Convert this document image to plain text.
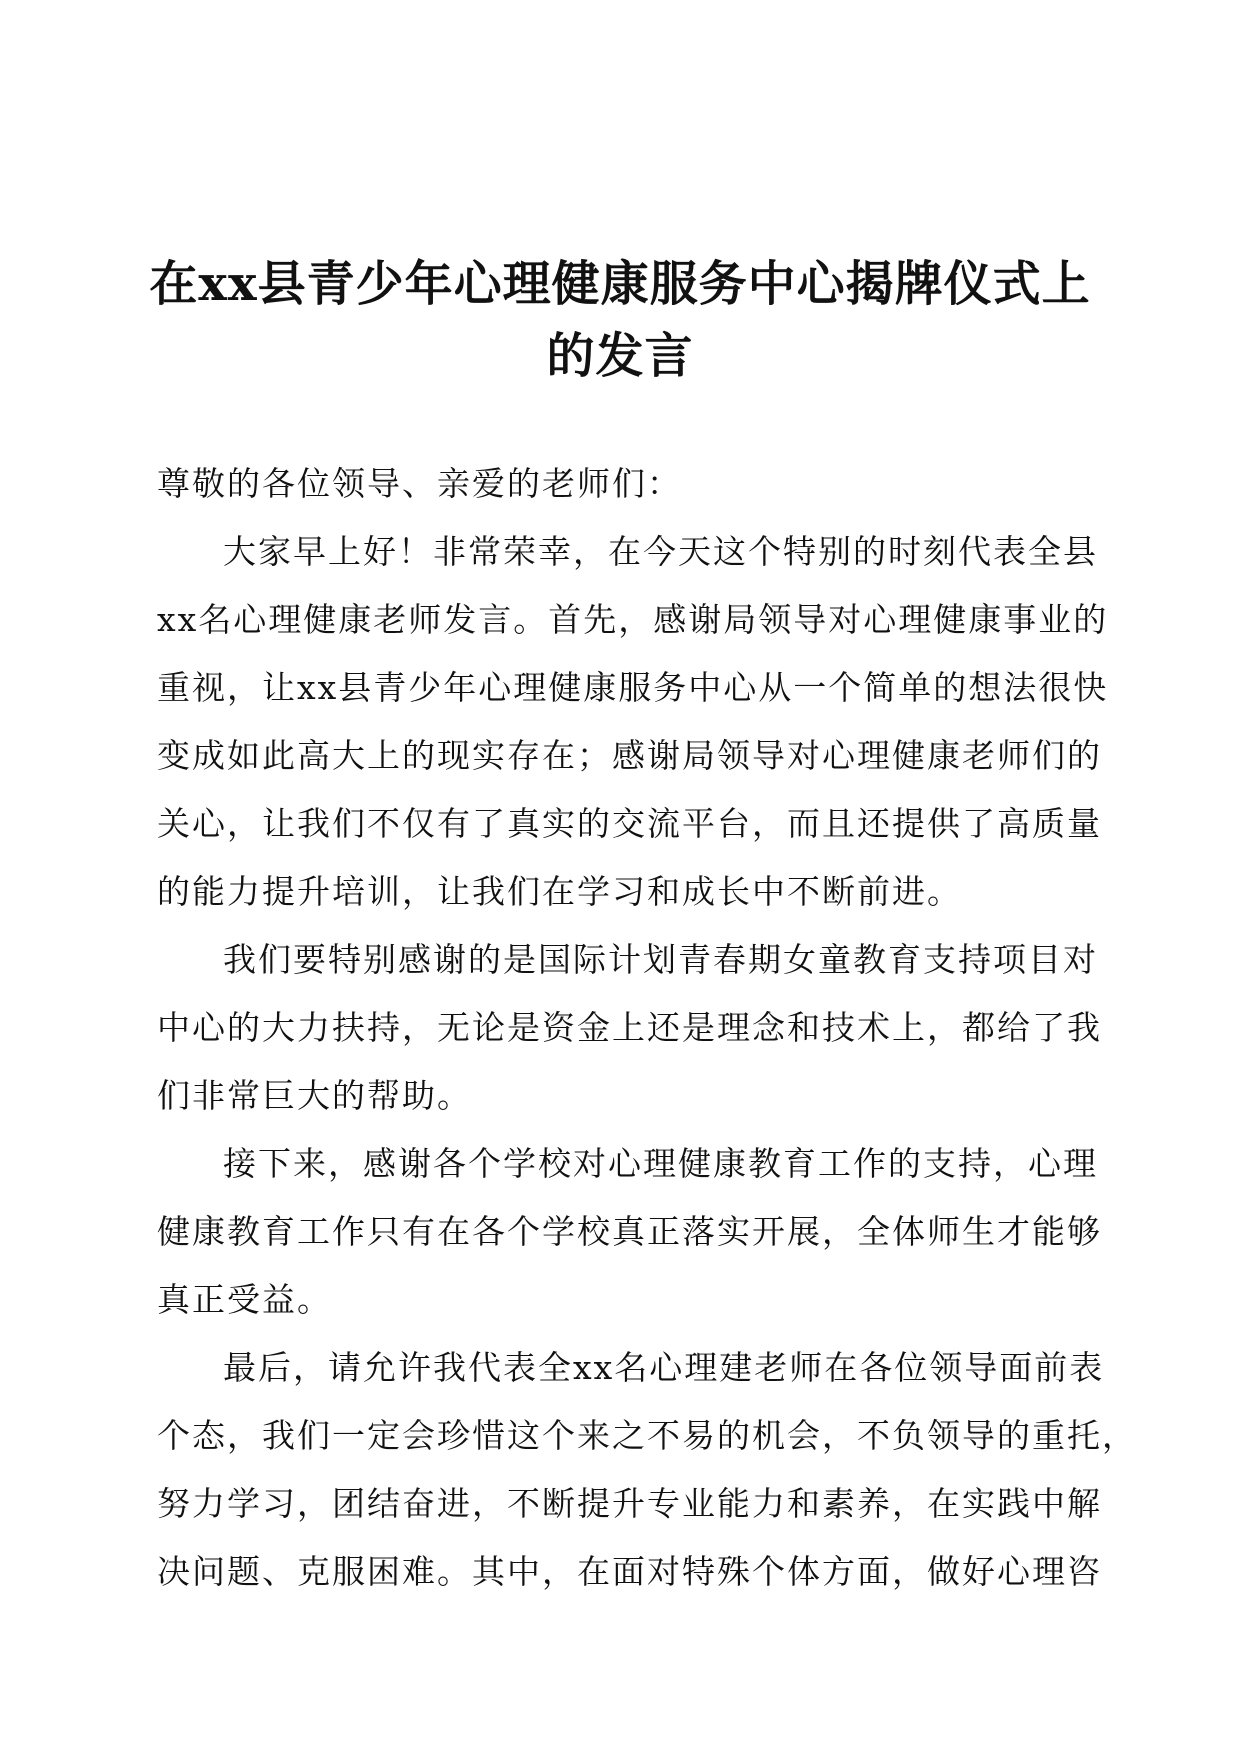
在xx县青少年心理健康服务中心揭牌仪式上
的发言

尊敬的各位领导、亲爱的老师们：

大家早上好！非常荣幸，在今天这个特别的时刻代表全县
xx名心理健康老师发言。首先，感谢局领导对心理健康事业的
重视，让xx县青少年心理健康服务中心从一个简单的想法很快
变成如此高大上的现实存在；感谢局领导对心理健康老师们的
关心，让我们不仅有了真实的交流平台，而且还提供了高质量
的能力提升培训，让我们在学习和成长中不断前进。

我们要特别感谢的是国际计划青春期女童教育支持项目对
中心的大力扶持，无论是资金上还是理念和技术上，都给了我
们非常巨大的帮助。

接下来，感谢各个学校对心理健康教育工作的支持，心理
健康教育工作只有在各个学校真正落实开展，全体师生才能够
真正受益。

最后，请允许我代表全xx名心理建老师在各位领导面前表
个态，我们一定会珍惜这个来之不易的机会，不负领导的重托，
努力学习，团结奋进，不断提升专业能力和素养，在实践中解
决问题、克服困难。其中，在面对特殊个体方面，做好心理咨
